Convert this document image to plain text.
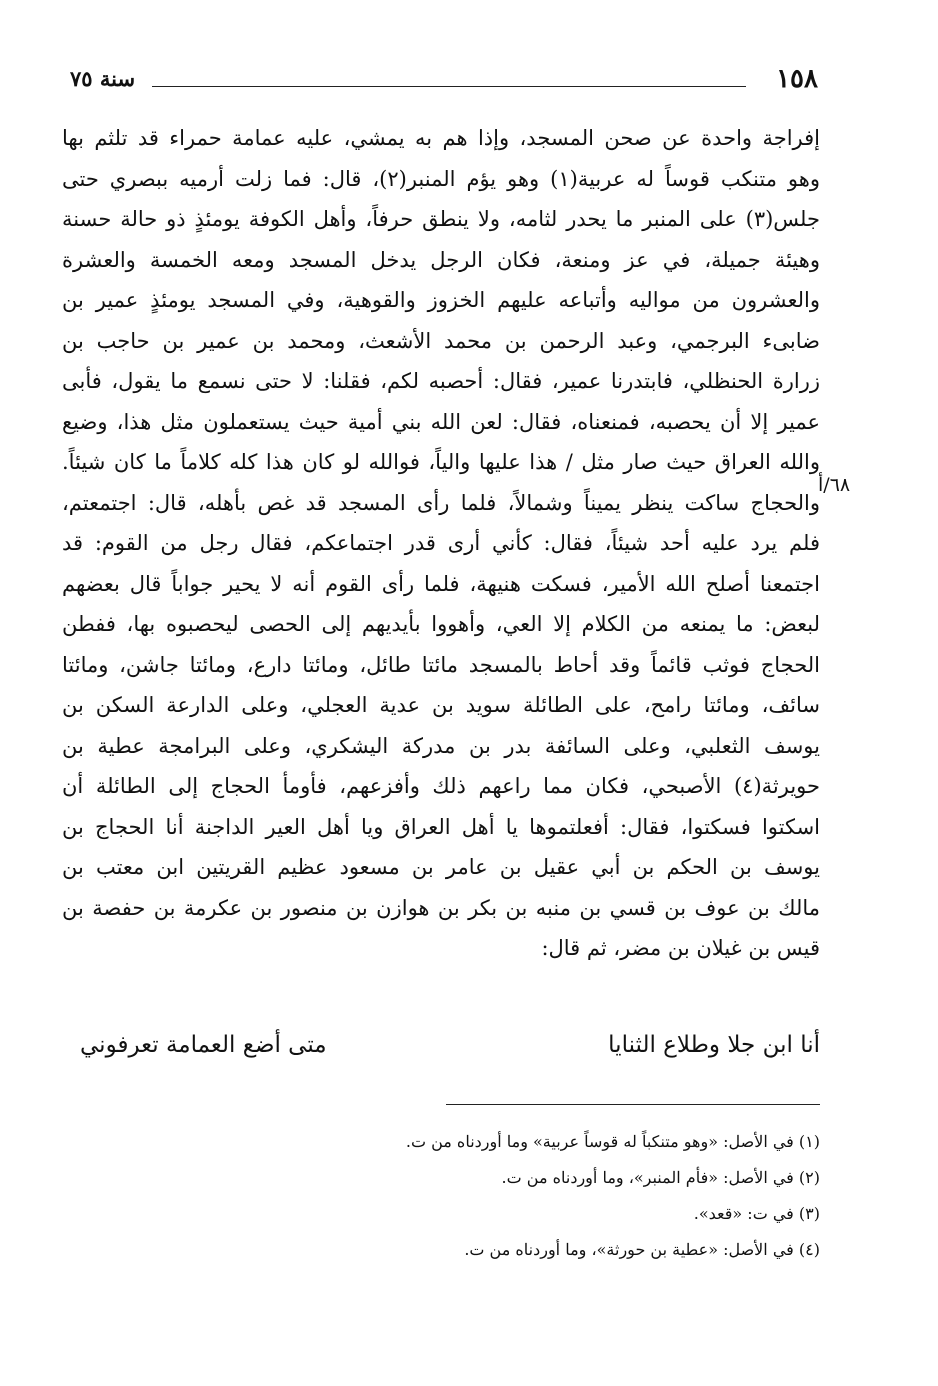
١٥٨
سنة ٧٥
إفراجة واحدة عن صحن المسجد، وإذا هم به يمشي، عليه عمامة حمراء قد تلثم بها
وهو متنكب قوساً له عربية(١) وهو يؤم المنبر(٢)، قال: فما زلت أرميه ببصري حتى
جلس(٣) على المنبر ما يحدر لثامه، ولا ينطق حرفاً، وأهل الكوفة يومئذٍ ذو حالة حسنة
وهيئة جميلة، في عز ومنعة، فكان الرجل يدخل المسجد ومعه الخمسة والعشرة
والعشرون من مواليه وأتباعه عليهم الخزوز والقوهية، وفي المسجد يومئذٍ عمير بن
ضابىء البرجمي، وعبد الرحمن بن محمد الأشعث، ومحمد بن عمير بن حاجب بن
زرارة الحنظلي، فابتدرنا عمير، فقال: أحصبه لكم، فقلنا: لا حتى نسمع ما يقول، فأبى
عمير إلا أن يحصبه، فمنعناه، فقال: لعن الله بني أمية حيث يستعملون مثل هذا، وضيع
والله العراق حيث صار مثل / هذا عليها والياً، فوالله لو كان هذا كله كلاماً ما كان شيئاً.
والحجاج ساكت ينظر يميناً وشمالاً، فلما رأى المسجد قد غص بأهله، قال: اجتمعتم،
فلم يرد عليه أحد شيئاً، فقال: كأني أرى قدر اجتماعكم، فقال رجل من القوم: قد
اجتمعنا أصلح الله الأمير، فسكت هنيهة، فلما رأى القوم أنه لا يحير جواباً قال بعضهم
لبعض: ما يمنعه من الكلام إلا العي، وأهووا بأيديهم إلى الحصى ليحصبوه بها، ففطن
الحجاج فوثب قائماً وقد أحاط بالمسجد مائتا طائل، ومائتا دارع، ومائتا جاشن، ومائتا
سائف، ومائتا رامح، على الطائلة سويد بن عدية العجلي، وعلى الدارعة السكن بن
يوسف الثعلبي، وعلى السائفة بدر بن مدركة اليشكري، وعلى البرامجة عطية بن
حويرثة(٤) الأصبحي، فكان مما راعهم ذلك وأفزعهم، فأومأ الحجاج إلى الطائلة أن
اسكتوا فسكتوا، فقال: أفعلتموها يا أهل العراق ويا أهل العير الداجنة أنا الحجاج بن
يوسف بن الحكم بن أبي عقيل بن عامر بن مسعود عظيم القريتين ابن معتب بن
مالك بن عوف بن قسي بن منبه بن بكر بن هوازن بن منصور بن عكرمة بن حفصة بن
قيس بن غيلان بن مضر، ثم قال:
٦٨/أ
أنا ابن جلا وطلاع الثنايا
متى أضع العمامة تعرفوني
(١) في الأصل: «وهو متنكباً له قوساً عربية» وما أوردناه من ت.
(٢) في الأصل: «فأم المنبر»، وما أوردناه من ت.
(٣) في ت: «قعد».
(٤) في الأصل: «عطية بن حورثة»، وما أوردناه من ت.
